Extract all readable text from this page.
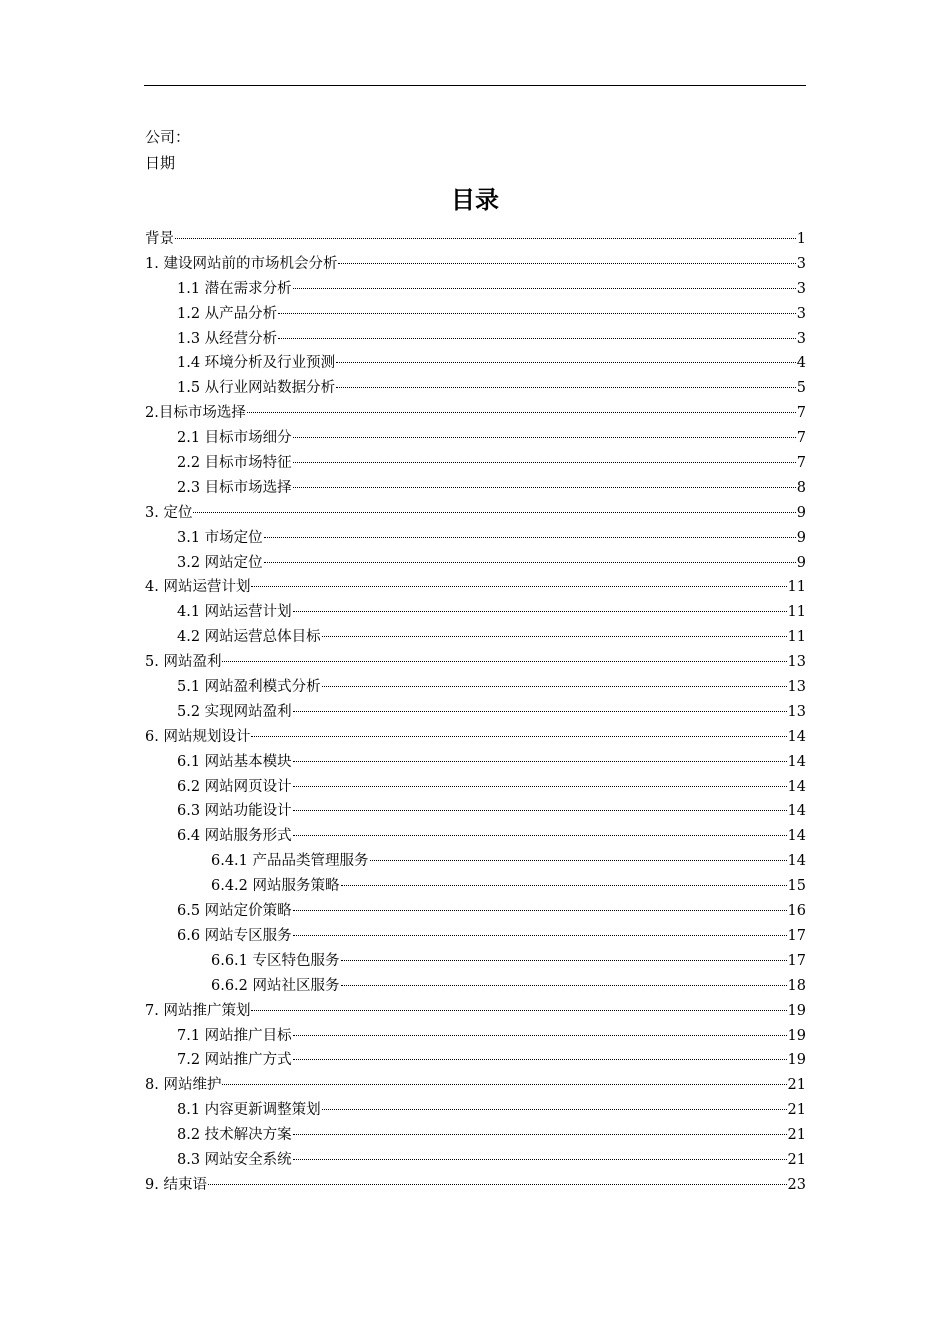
公司：
日期
目录
背景	1
1. 建设网站前的市场机会分析	3
1.1 潜在需求分析	3
1.2 从产品分析	3
1.3 从经营分析	3
1.4 环境分析及行业预测	4
1.5 从行业网站数据分析	5
2.目标市场选择	7
2.1 目标市场细分	7
2.2 目标市场特征	7
2.3 目标市场选择	8
3. 定位	9
3.1 市场定位	9
3.2 网站定位	9
4. 网站运营计划	11
4.1 网站运营计划	11
4.2 网站运营总体目标	11
5. 网站盈利	13
5.1 网站盈利模式分析	13
5.2 实现网站盈利	13
6. 网站规划设计	14
6.1 网站基本模块	14
6.2 网站网页设计	14
6.3 网站功能设计	14
6.4 网站服务形式	14
6.4.1 产品品类管理服务	14
6.4.2 网站服务策略	15
6.5 网站定价策略	16
6.6 网站专区服务	17
6.6.1 专区特色服务	17
6.6.2 网站社区服务	18
7. 网站推广策划	19
7.1 网站推广目标	19
7.2 网站推广方式	19
8. 网站维护	21
8.1 内容更新调整策划	21
8.2 技术解决方案	21
8.3 网站安全系统	21
9. 结束语	23
